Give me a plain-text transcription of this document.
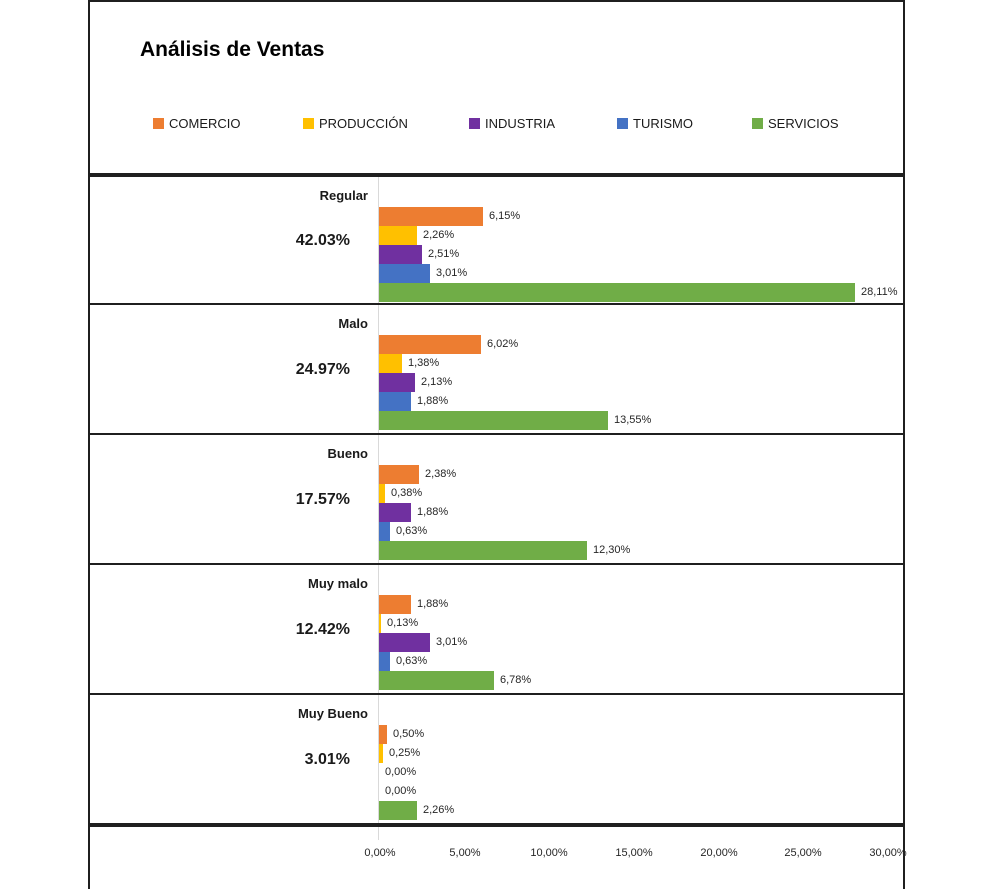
Análisis de Ventas
COMERCIO	PRODUCCIÓN	INDUSTRIA	TURISMO	SERVICIOS
Regular
42.03%
6,15%
2,26%
2,51%
3,01%
28,11%
Malo
24.97%
6,02%
1,38%
2,13%
1,88%
13,55%
Bueno
17.57%
2,38%
0,38%
1,88%
0,63%
12,30%
Muy malo
12.42%
1,88%
0,13%
3,01%
0,63%
6,78%
Muy Bueno
3.01%
0,50%
0,25%
0,00%
0,00%
2,26%
0,00%	5,00%	10,00%	15,00%	20,00%	25,00%	30,00%
